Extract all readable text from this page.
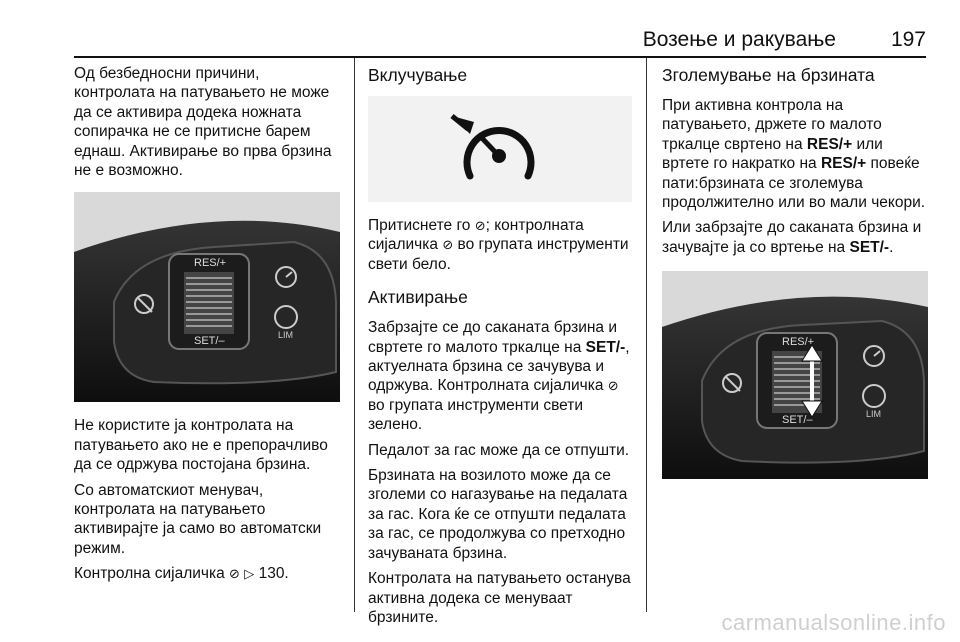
Возење и ракување	197

Од безбедносни причини, контролата на патувањето не може да се активира додека ножната сопирачка не се притисне барем еднаш. Активирање во прва брзина не е возможно.

RES/+
SET/–	LIM

Не користите ја контролата на патувањето ако не е препорачливо да се одржува постојана брзина.

Со автоматскиот менувач, контролата на патувањето активирајте ја само во автоматски режим.

Контролна сијаличка ⊘ ▷ 130.

Вклучување

Притиснете го ⊘; контролната сијаличка ⊘ во групата инструменти свети бело.

Активирање

Забрзајте се до саканата брзина и свртете го малото тркалце на SET/-, актуелната брзина се зачувува и одржува. Контролната сијаличка ⊘ во групата инструменти свети зелено.

Педалот за гас може да се отпушти.

Брзината на возилото може да се зголеми со нагазување на педалата за гас. Кога ќе се отпушти педалата за гас, се продолжува со претходно зачуваната брзина.

Контролата на патувањето останува активна додека се менуваат брзините.

Зголемување на брзината

При активна контрола на патувањето, држете го малото тркалце свртено на RES/+ или вртете го накратко на RES/+ повеќе пати:брзината се зголемува продолжително или во мали чекори.

Или забрзајте до саканата брзина и зачувајте ја со вртење на SET/-.

RES/+
SET/–	LIM
carmanualsonline.info
